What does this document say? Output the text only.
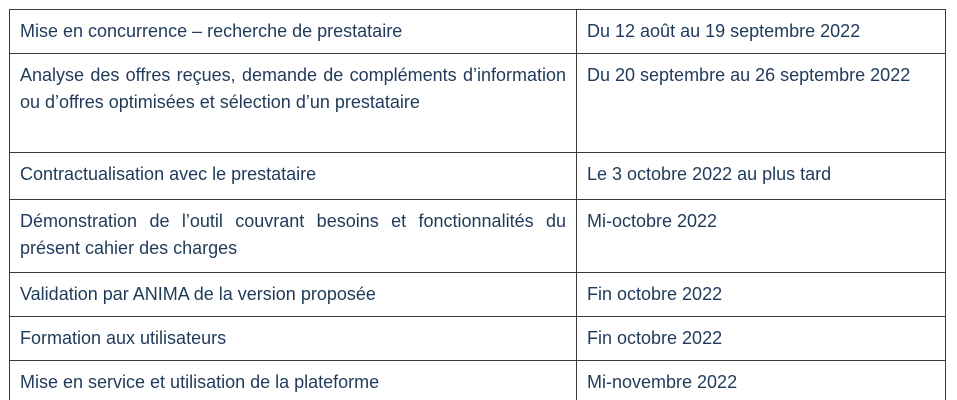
Mise en concurrence – recherche de prestataire	Du 12 août au 19 septembre 2022
Analyse des offres reçues, demande de compléments d’information ou d’offres optimisées et sélection d’un prestataire	Du 20 septembre au 26 septembre 2022
Contractualisation avec le prestataire	Le 3 octobre 2022 au plus tard
Démonstration de l’outil couvrant besoins et fonctionnalités du présent cahier des charges	Mi-octobre 2022
Validation par ANIMA de la version proposée	Fin octobre 2022
Formation aux utilisateurs	Fin octobre 2022
Mise en service et utilisation de la plateforme	Mi-novembre 2022
